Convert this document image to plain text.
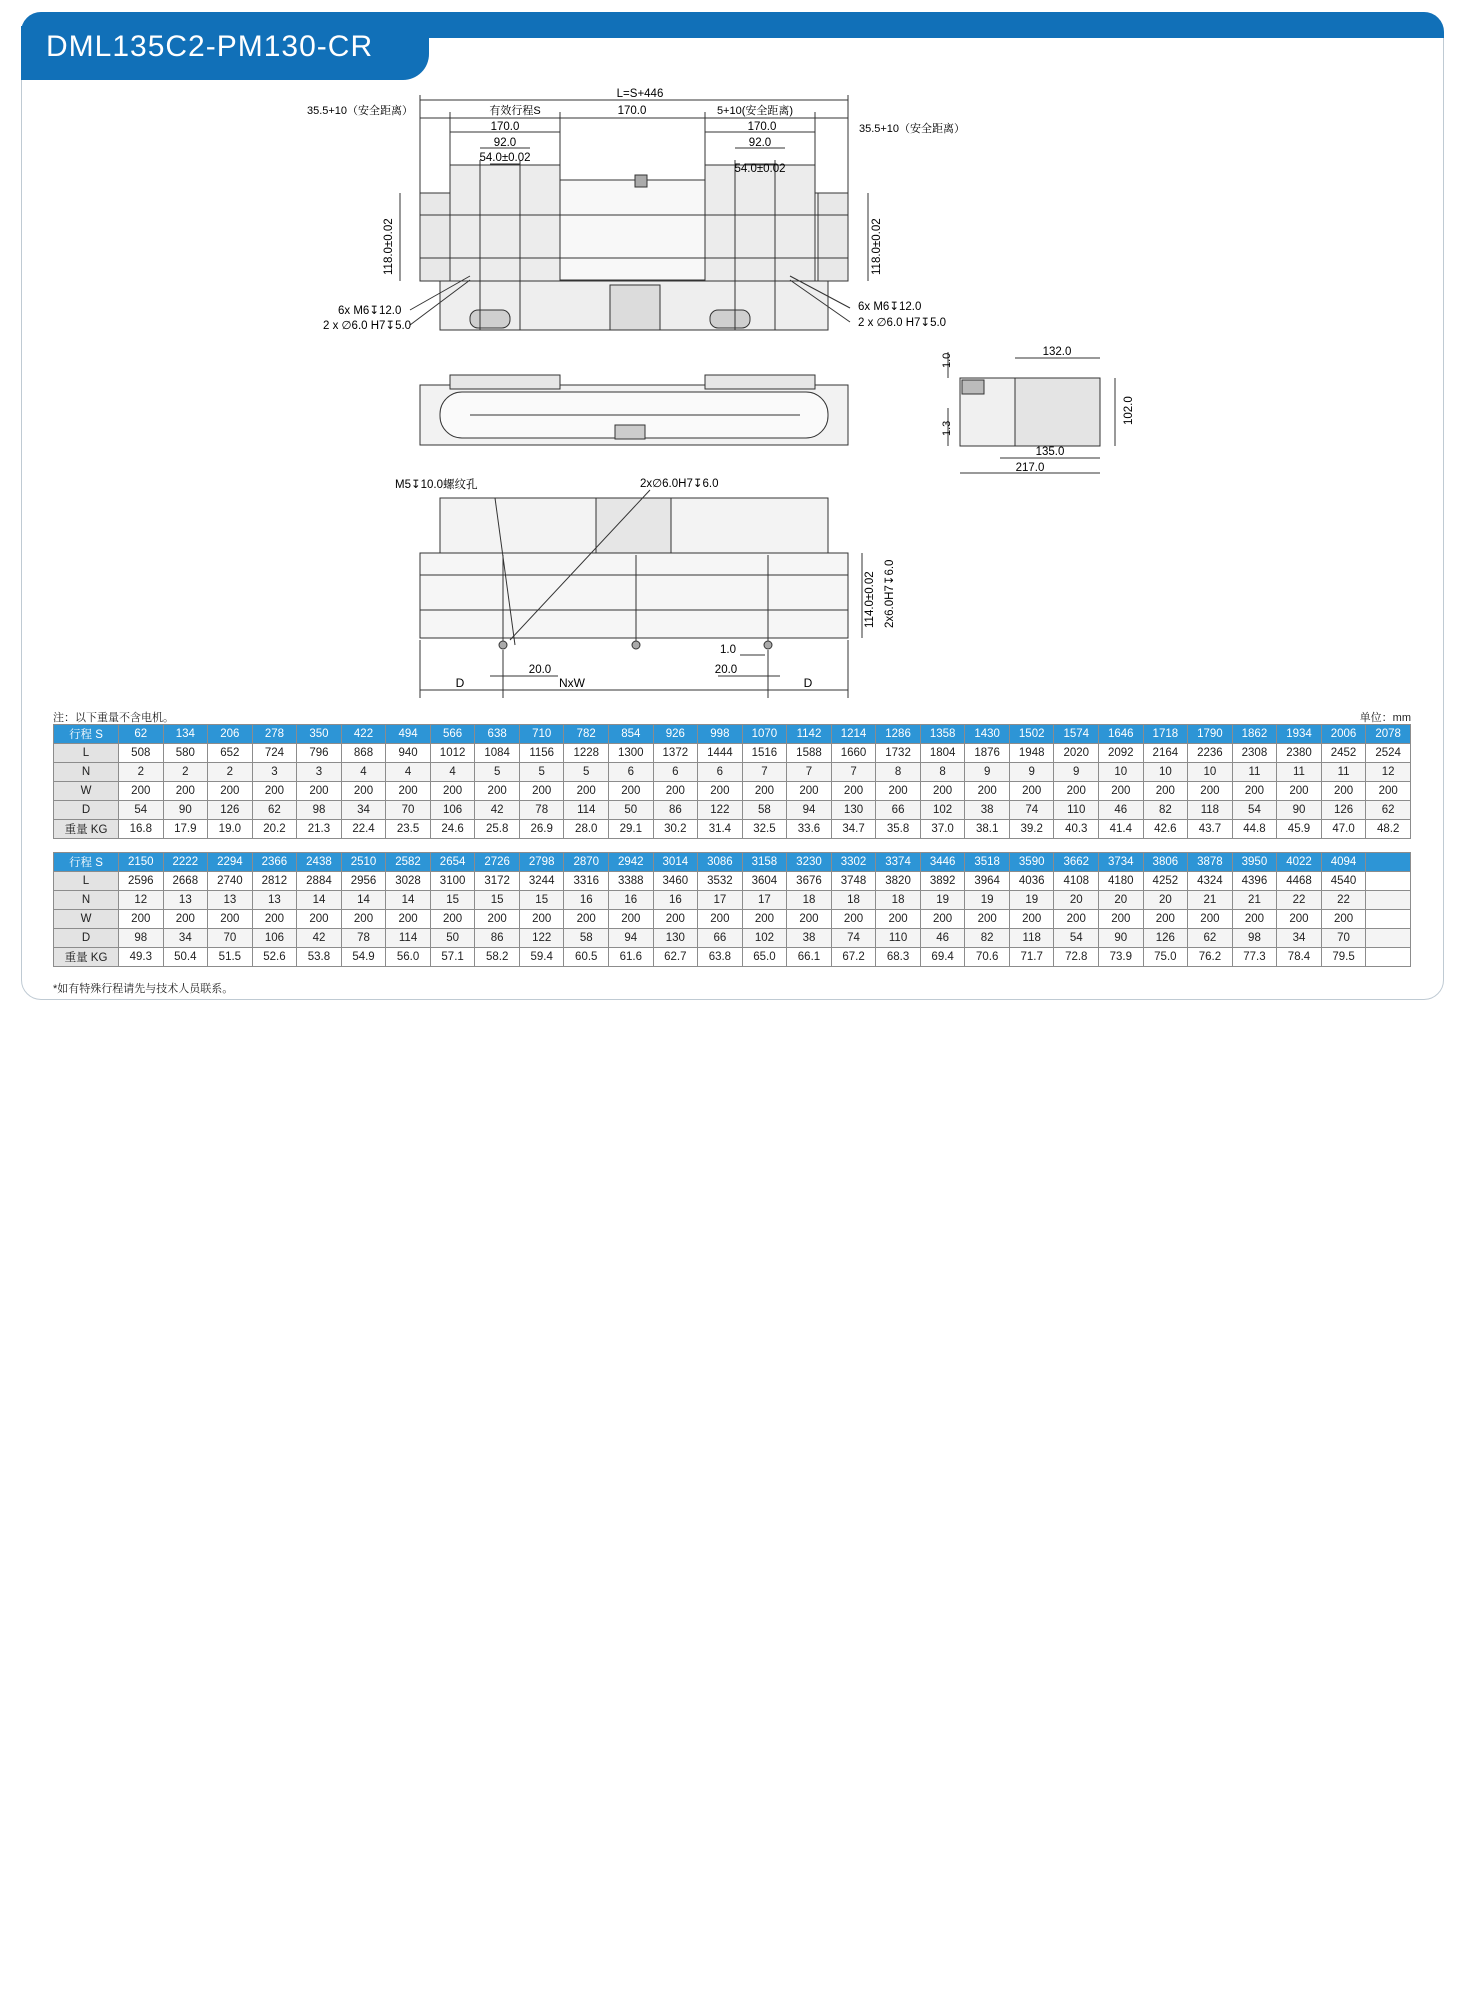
DML135C2-PM130-CR
L=S+446
35.5+10（安全距离）	有效行程S	170.0	5+10(安全距离)
35.5+10（安全距离）
170.0	170.0
92.0	92.0
54.0±0.02
54.0±0.02
118.0±0.02	118.0±0.02
6x M6↧12.0
2 x ∅6.0 H7↧5.0
6x M6↧12.0
2 x ∅6.0 H7↧5.0
132.0
1.0
1.3
102.0
135.0
217.0
M5↧10.0螺纹孔	2x∅6.0H7↧6.0
114.0±0.02 2x6.0H7↧6.0
20.0
1.0
20.0
D	NxW	D
注：以下重量不含电机。	单位：mm
行程 S	62	134	206	278	350	422	494	566	638	710	782	854	926	998	1070	1142	1214	1286	1358	1430	1502	1574	1646	1718	1790	1862	1934	2006	2078
L	508	580	652	724	796	868	940	1012	1084	1156	1228	1300	1372	1444	1516	1588	1660	1732	1804	1876	1948	2020	2092	2164	2236	2308	2380	2452	2524
N	2	2	2	3	3	4	4	4	5	5	5	6	6	6	7	7	7	8	8	9	9	9	10	10	10	11	11	11	12
W	200	200	200	200	200	200	200	200	200	200	200	200	200	200	200	200	200	200	200	200	200	200	200	200	200	200	200	200	200
D	54	90	126	62	98	34	70	106	42	78	114	50	86	122	58	94	130	66	102	38	74	110	46	82	118	54	90	126	62
重量 KG	16.8	17.9	19.0	20.2	21.3	22.4	23.5	24.6	25.8	26.9	28.0	29.1	30.2	31.4	32.5	33.6	34.7	35.8	37.0	38.1	39.2	40.3	41.4	42.6	43.7	44.8	45.9	47.0	48.2
行程 S	2150	2222	2294	2366	2438	2510	2582	2654	2726	2798	2870	2942	3014	3086	3158	3230	3302	3374	3446	3518	3590	3662	3734	3806	3878	3950	4022	4094	
L	2596	2668	2740	2812	2884	2956	3028	3100	3172	3244	3316	3388	3460	3532	3604	3676	3748	3820	3892	3964	4036	4108	4180	4252	4324	4396	4468	4540	
N	12	13	13	13	14	14	14	15	15	15	16	16	16	17	17	18	18	18	19	19	19	20	20	20	21	21	22	22	
W	200	200	200	200	200	200	200	200	200	200	200	200	200	200	200	200	200	200	200	200	200	200	200	200	200	200	200	200	
D	98	34	70	106	42	78	114	50	86	122	58	94	130	66	102	38	74	110	46	82	118	54	90	126	62	98	34	70	
重量 KG	49.3	50.4	51.5	52.6	53.8	54.9	56.0	57.1	58.2	59.4	60.5	61.6	62.7	63.8	65.0	66.1	67.2	68.3	69.4	70.6	71.7	72.8	73.9	75.0	76.2	77.3	78.4	79.5	
*如有特殊行程请先与技术人员联系。
